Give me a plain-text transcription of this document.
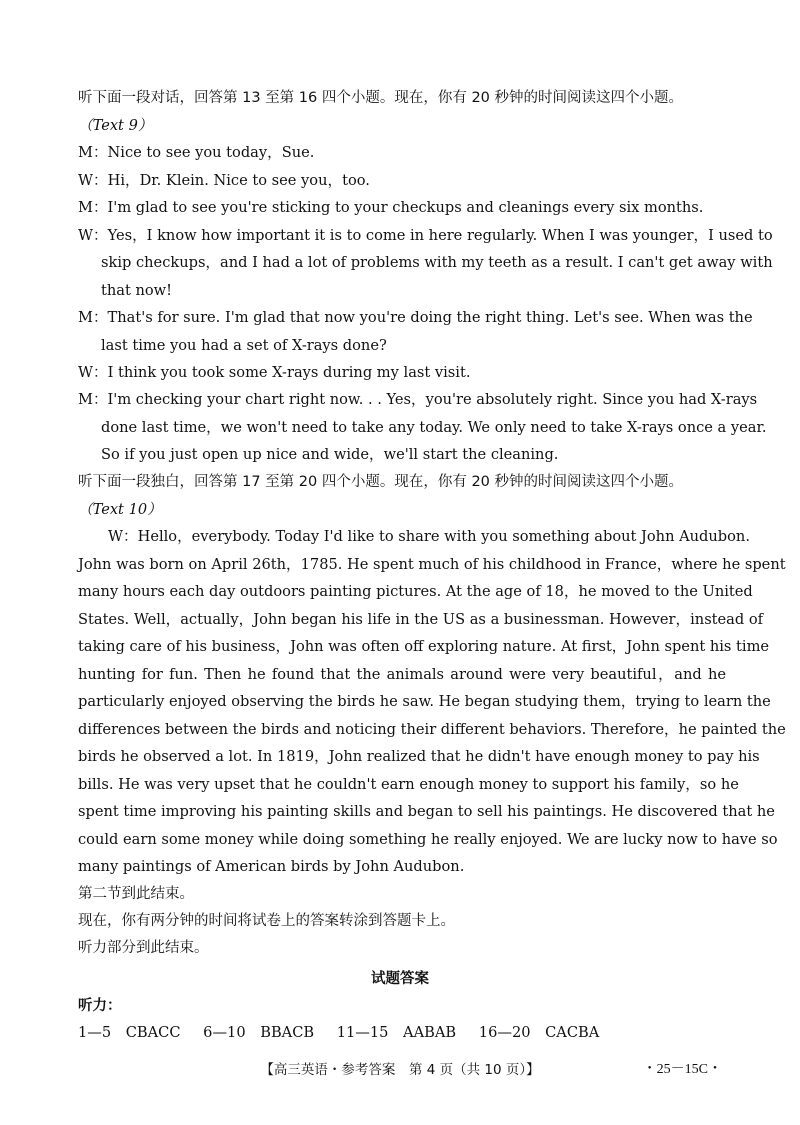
听下面一段对话，回答第 13 至第 16 四个小题。现在，你有 20 秒钟的时间阅读这四个小题。
（Text 9）
M：Nice to see you today，Sue.
W：Hi，Dr. Klein. Nice to see you，too.
M：I'm glad to see you're sticking to your checkups and cleanings every six months.
W：Yes，I know how important it is to come in here regularly. When I was younger，I used to
skip checkups，and I had a lot of problems with my teeth as a result. I can't get away with
that now!
M：That's for sure. I'm glad that now you're doing the right thing. Let's see. When was the
last time you had a set of X-rays done?
W：I think you took some X-rays during my last visit.
M：I'm checking your chart right now. . . Yes，you're absolutely right. Since you had X-rays
done last time，we won't need to take any today. We only need to take X-rays once a year.
So if you just open up nice and wide，we'll start the cleaning.
听下面一段独白，回答第 17 至第 20 四个小题。现在，你有 20 秒钟的时间阅读这四个小题。
（Text 10）
W：Hello，everybody. Today I'd like to share with you something about John Audubon.
John was born on April 26th，1785. He spent much of his childhood in France，where he spent
many hours each day outdoors painting pictures. At the age of 18，he moved to the United
States. Well，actually，John began his life in the US as a businessman. However，instead of
taking care of his business，John was often off exploring nature. At first，John spent his time
hunting for fun. Then he found that the animals around were very beautiful，and he
particularly enjoyed observing the birds he saw. He began studying them，trying to learn the
differences between the birds and noticing their different behaviors. Therefore，he painted the
birds he observed a lot. In 1819，John realized that he didn't have enough money to pay his
bills. He was very upset that he couldn't earn enough money to support his family，so he
spent time improving his painting skills and began to sell his paintings. He discovered that he
could earn some money while doing something he really enjoyed. We are lucky now to have so
many paintings of American birds by John Audubon.
第二节到此结束。
现在，你有两分钟的时间将试卷上的答案转涂到答题卡上。
听力部分到此结束。
试题答案
听力：
1—5　CBACC 6—10　BBACB 11—15　AABAB 16—20　CACBA
【高三英语・参考答案　第 4 页（共 10 页）】	・25－15C・
